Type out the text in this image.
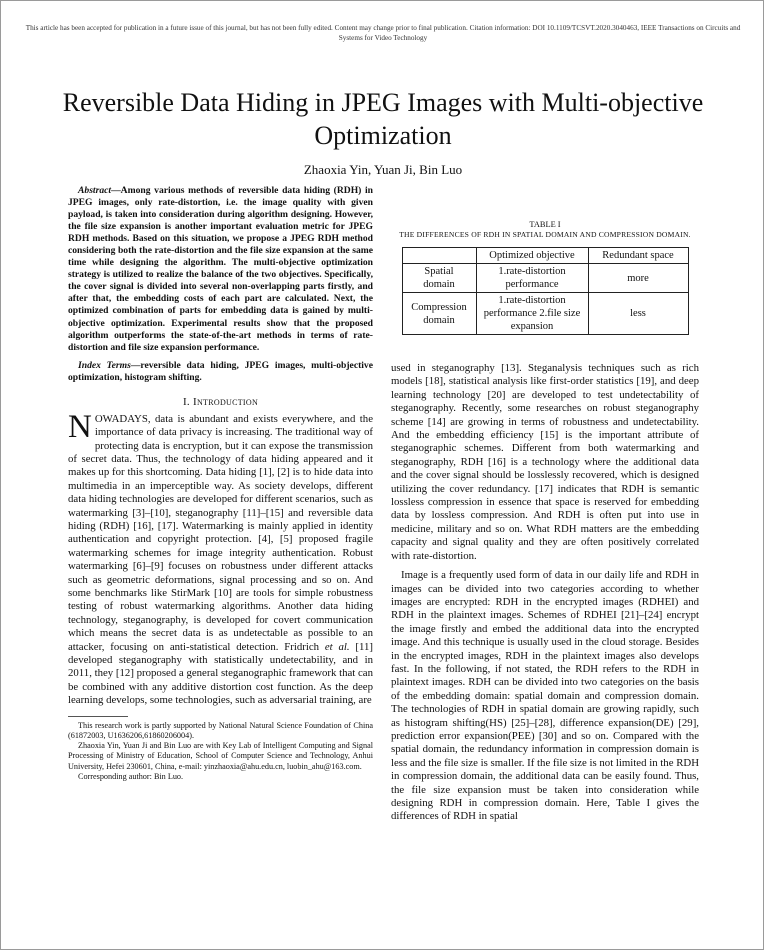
This article has been accepted for publication in a future issue of this journal, but has not been fully edited. Content may change prior to final publication. Citation information: DOI 10.1109/TCSVT.2020.3040463, IEEE Transactions on Circuits and Systems for Video Technology
Reversible Data Hiding in JPEG Images with Multi-objective Optimization
Zhaoxia Yin, Yuan Ji, Bin Luo

Abstract—Among various methods of reversible data hiding (RDH) in JPEG images, only rate-distortion, i.e. the image quality with given payload, is taken into consideration during algorithm designing. However, the file size expansion is another important evaluation metric for JPEG RDH methods. Based on this situation, we propose a JPEG RDH method considering both the rate-distortion and the file size expansion at the same time while designing the algorithm. The multi-objective optimization strategy is utilized to realize the balance of the two objectives. Specifically, the cover signal is divided into several non-overlapping parts firstly, and after that, the embedding costs of each part are calculated. Next, the optimized combination of parts for embedding data is gained by multi-objective optimization. Experimental results show that the proposed algorithm outperforms the state-of-the-art methods in terms of rate-distortion and file size expansion performance.

Index Terms—reversible data hiding, JPEG images, multi-objective optimization, histogram shifting.

I. Introduction

NOWADAYS, data is abundant and exists everywhere, and the importance of data privacy is increasing. The traditional way of protecting data is encryption, but it can expose the transmission of secret data. Thus, the technology of data hiding appeared and it makes up for this shortcoming. Data hiding [1], [2] is to hide data into multimedia in an imperceptible way. As society develops, different data hiding technologies are developed for different scenarios, such as watermarking [3]–[10], steganography [11]–[15] and reversible data hiding (RDH) [16], [17]. Watermarking is mainly applied in identity authentication and copyright protection. [4], [5] proposed fragile watermarking schemes for image integrity authentication. Robust watermarking [6]–[9] focuses on robustness under different attacks such as geometric deformations, signal processing and so on. And some benchmarks like StirMark [10] are tools for simple robustness testing of robust watermarking algorithms. Another data hiding technology, steganography, is developed for covert communication which means the secret data is as undetectable as possible to an attacker, focusing on anti-statistical detection. Fridrich et al. [11] developed steganography with statistically undetectability, and in 2011, they [12] proposed a general steganographic framework that can be combined with any additive distortion cost function. As the deep learning develops, some technologies, such as adversarial training, are

This research work is partly supported by National Natural Science Foundation of China (61872003, U1636206,61860206004).

Zhaoxia Yin, Yuan Ji and Bin Luo are with Key Lab of Intelligent Computing and Signal Processing of Ministry of Education, School of Computer Science and Technology, Anhui University, Hefei 230601, China, e-mail: yinzhaoxia@ahu.edu.cn, luobin_ahu@163.com.

Corresponding author: Bin Luo.

TABLE I
THE DIFFERENCES OF RDH IN SPATIAL DOMAIN AND COMPRESSION DOMAIN.
	Optimized objective	Redundant space
Spatial domain	1.rate-distortion performance	more
Compression domain	1.rate-distortion performance 2.file size expansion	less

used in steganography [13]. Steganalysis techniques such as rich models [18], statistical analysis like first-order statistics [19], and deep learning technology [20] are developed to test undetectability of steganography. Recently, some researches on robust steganography scheme [14] are growing in terms of robustness and undetectability. And the embedding efficiency [15] is the important attribute of steganographic schemes. Different from both watermarking and steganography, RDH [16] is a technology where the additional data and the cover signal should be losslessly recovered, which is designed utilizing the cover redundancy. [17] indicates that RDH is semantic lossless compression in essence that space is reserved for embedding data by lossless compression. And RDH is often put into use in medicine, military and so on. What RDH matters are the embedding capacity and signal quality and they are often positively correlated with rate-distortion.

Image is a frequently used form of data in our daily life and RDH in images can be divided into two categories according to whether images are encrypted: RDH in the encrypted images (RDHEI) and RDH in the plaintext images. Schemes of RDHEI [21]–[24] encrypt the image firstly and embed the additional data into the encrypted image. And this technique is usually used in the cloud storage. Besides in the encrypted images, RDH in the plaintext images also develops fast. In the following, if not stated, the RDH refers to the RDH in plaintext images. RDH can be divided into two categories on the basis of the embedding domain: spatial domain and compression domain. The technologies of RDH in spatial domain are growing rapidly, such as histogram shifting(HS) [25]–[28], difference expansion(DE) [29], prediction error expansion(PEE) [30] and so on. Compared with the spatial domain, the redundancy information in compression domain is less and the file size is smaller. If the file size is not limited in the RDH in compression domain, the additional data can be easily found. Thus, the file size expansion must be taken into consideration while designing RDH in compression domain. Here, Table I gives the differences of RDH in spatial
